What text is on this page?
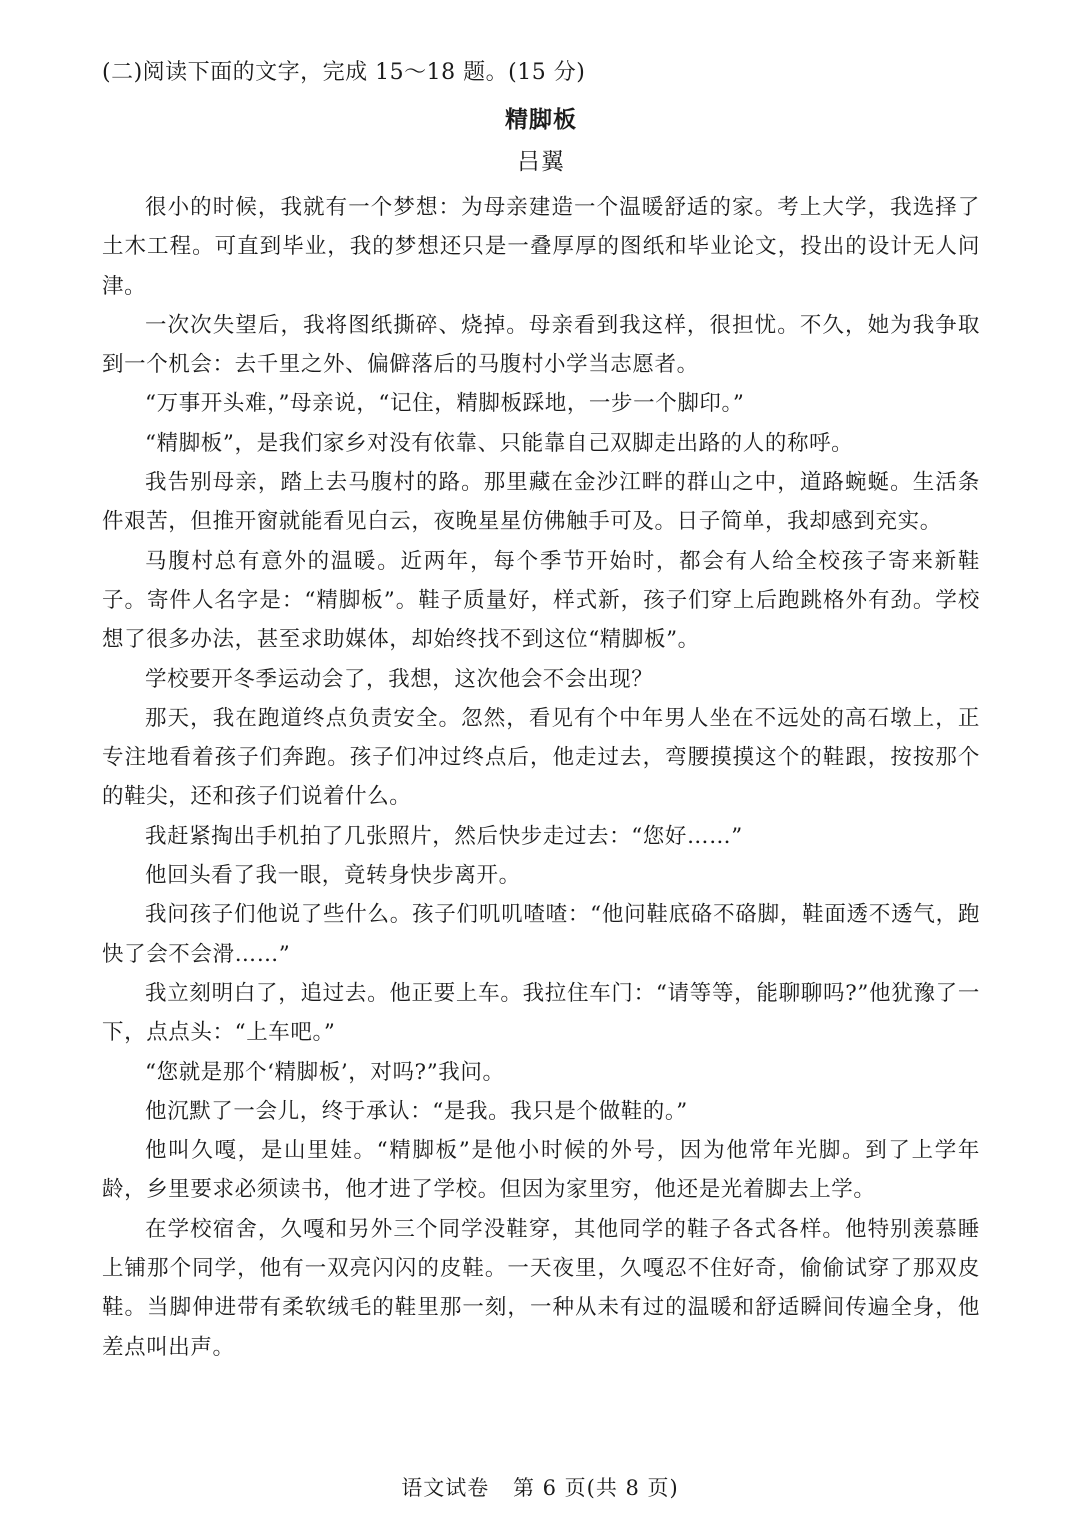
(二)阅读下面的文字，完成 15～18 题。(15 分)
精脚板
吕翼

很小的时候，我就有一个梦想：为母亲建造一个温暖舒适的家。考上大学，我选择了土木工程。可直到毕业，我的梦想还只是一叠厚厚的图纸和毕业论文，投出的设计无人问津。

一次次失望后，我将图纸撕碎、烧掉。母亲看到我这样，很担忧。不久，她为我争取到一个机会：去千里之外、偏僻落后的马腹村小学当志愿者。

“万事开头难，”母亲说，“记住，精脚板踩地，一步一个脚印。”

“精脚板”，是我们家乡对没有依靠、只能靠自己双脚走出路的人的称呼。

我告别母亲，踏上去马腹村的路。那里藏在金沙江畔的群山之中，道路蜿蜒。生活条件艰苦，但推开窗就能看见白云，夜晚星星仿佛触手可及。日子简单，我却感到充实。

马腹村总有意外的温暖。近两年，每个季节开始时，都会有人给全校孩子寄来新鞋子。寄件人名字是：“精脚板”。鞋子质量好，样式新，孩子们穿上后跑跳格外有劲。学校想了很多办法，甚至求助媒体，却始终找不到这位“精脚板”。

学校要开冬季运动会了，我想，这次他会不会出现？

那天，我在跑道终点负责安全。忽然，看见有个中年男人坐在不远处的高石墩上，正专注地看着孩子们奔跑。孩子们冲过终点后，他走过去，弯腰摸摸这个的鞋跟，按按那个的鞋尖，还和孩子们说着什么。

我赶紧掏出手机拍了几张照片，然后快步走过去：“您好……”

他回头看了我一眼，竟转身快步离开。

我问孩子们他说了些什么。孩子们叽叽喳喳：“他问鞋底硌不硌脚，鞋面透不透气，跑快了会不会滑……”

我立刻明白了，追过去。他正要上车。我拉住车门：“请等等，能聊聊吗?”他犹豫了一下，点点头：“上车吧。”

“您就是那个‘精脚板’，对吗?”我问。

他沉默了一会儿，终于承认：“是我。我只是个做鞋的。”

他叫久嘎，是山里娃。“精脚板”是他小时候的外号，因为他常年光脚。到了上学年龄，乡里要求必须读书，他才进了学校。但因为家里穷，他还是光着脚去上学。

在学校宿舍，久嘎和另外三个同学没鞋穿，其他同学的鞋子各式各样。他特别羡慕睡上铺那个同学，他有一双亮闪闪的皮鞋。一天夜里，久嘎忍不住好奇，偷偷试穿了那双皮鞋。当脚伸进带有柔软绒毛的鞋里那一刻，一种从未有过的温暖和舒适瞬间传遍全身，他差点叫出声。

语文试卷 第 6 页(共 8 页)
